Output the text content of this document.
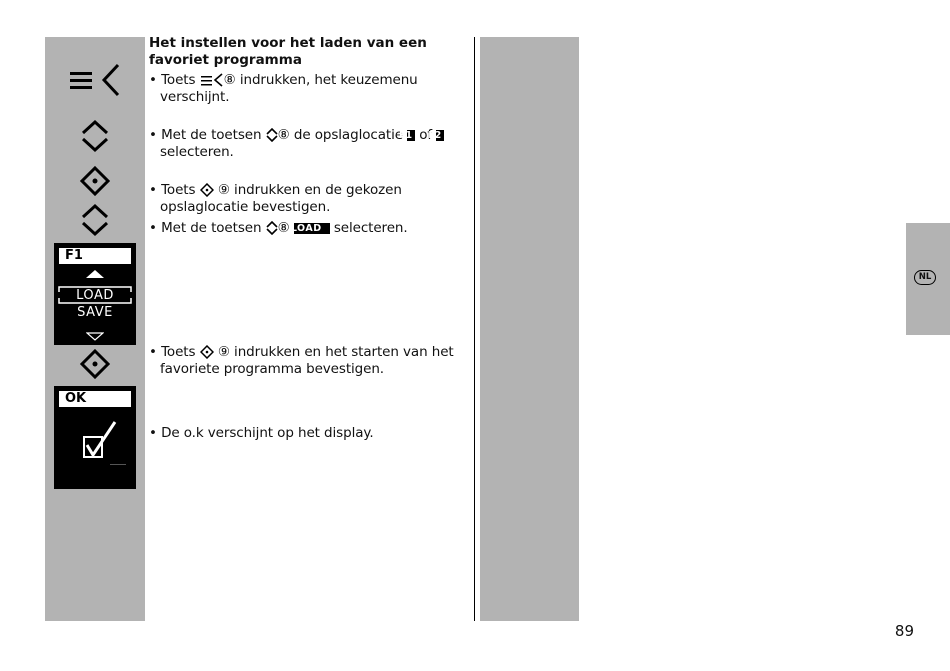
F1
LOAD
SAVE
OK
Het instellen voor het laden van een favoriet programma
• Toets ⑧ indrukken, het keuzemenu verschijnt.
• Met de toetsen ⑧ de opslaglocatie F1 of F2 selecteren.
• Toets ⑨ indrukken en de gekozen opslaglocatie bevestigen.
• Met de toetsen ⑧ LOAD selecteren.
• Toets ⑨ indrukken en het starten van het favoriete programma bevestigen.
• De o.k verschijnt op het display.
NL
89
